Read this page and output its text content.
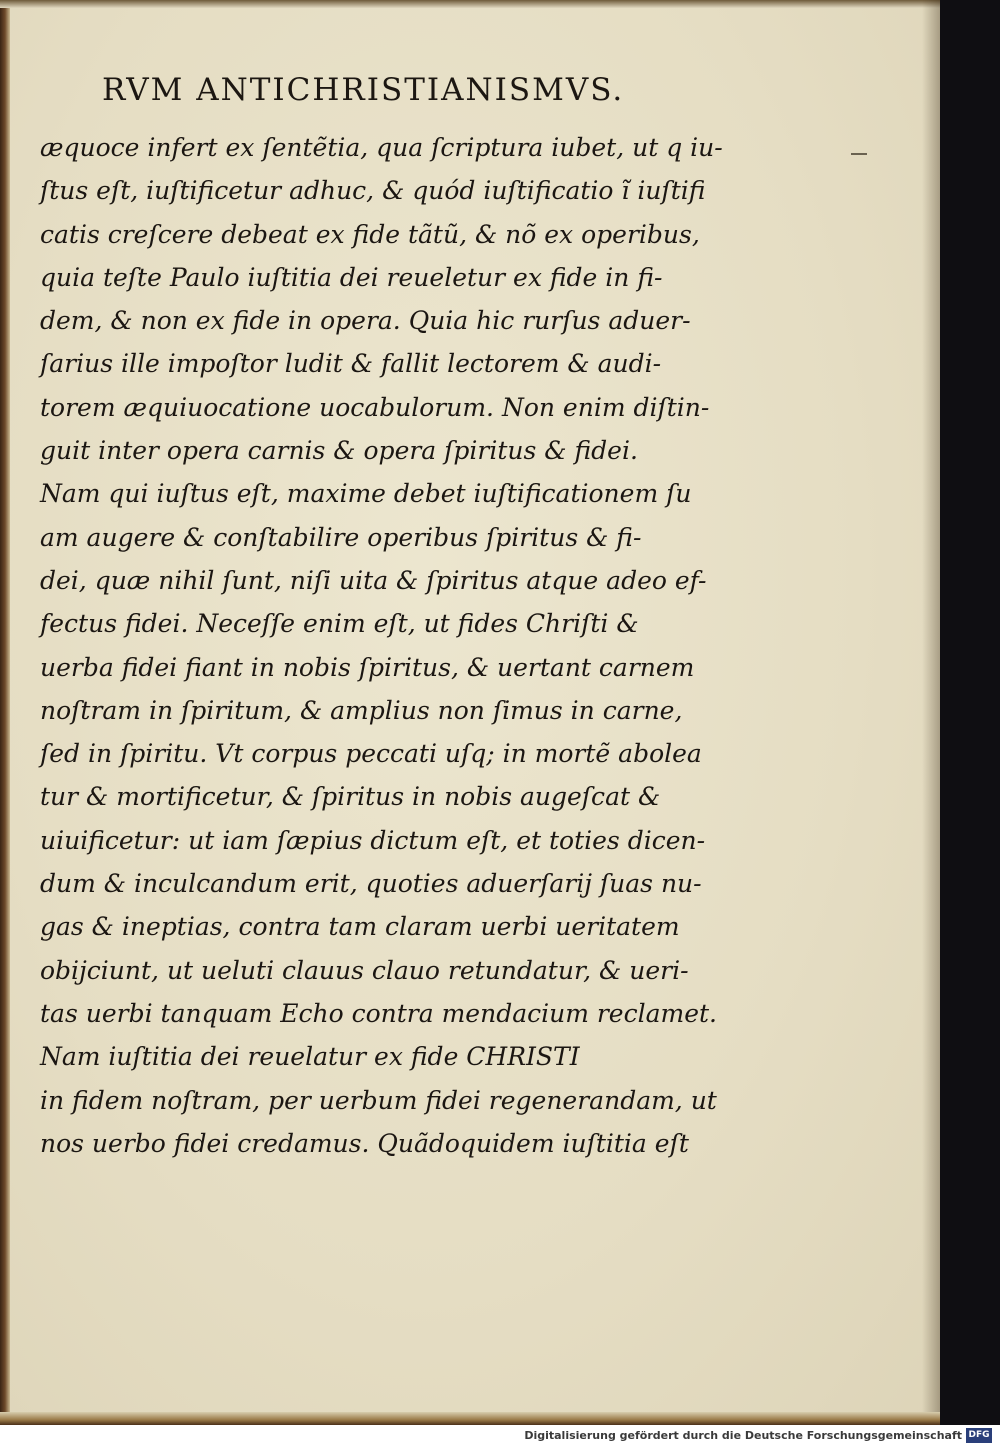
RVM ANTICHRISTIANISMVS.
æquoce infert ex ſentẽtia, qua ſcriptura iubet, ut q iu-
ſtus eſt, iuſtificetur adhuc, & quód iuſtificatio ĩ iuſtifi
catis creſcere debeat ex fide tãtũ, & nõ ex operibus,
quia teſte Paulo iuſtitia dei reueletur ex fide in fi-
dem, & non ex fide in opera. Quia hic rurſus aduer-
ſarius ille impoſtor ludit & fallit lectorem & audi-
torem æquiuocatione uocabulorum. Non enim diſtin-
guit inter opera carnis & opera ſpiritus & fidei.
Nam qui iuſtus eſt, maxime debet iuſtificationem ſu
am augere & conſtabilire operibus ſpiritus & fi-
dei, quæ nihil ſunt, niſi uita & ſpiritus atque adeo ef-
fectus fidei. Neceſſe enim eſt, ut fides Chriſti &
uerba fidei fiant in nobis ſpiritus, & uertant carnem
noſtram in ſpiritum, & amplius non ſimus in carne,
ſed in ſpiritu. Vt corpus peccati uſq; in mortẽ abolea
tur & mortificetur, & ſpiritus in nobis augeſcat &
uiuificetur: ut iam ſæpius dictum eſt, et toties dicen-
dum & inculcandum erit, quoties aduerſarij ſuas nu-
gas & ineptias, contra tam claram uerbi ueritatem
obijciunt, ut ueluti clauus clauo retundatur, & ueri-
tas uerbi tanquam Echo contra mendacium reclamet.
Nam iuſtitia dei reuelatur ex fide CHRISTI
in fidem noſtram, per uerbum fidei regenerandam, ut
nos uerbo fidei credamus. Quãdoquidem iuſtitia eſt
Digitalisierung gefördert durch die Deutsche Forschungsgemeinschaft DFG
